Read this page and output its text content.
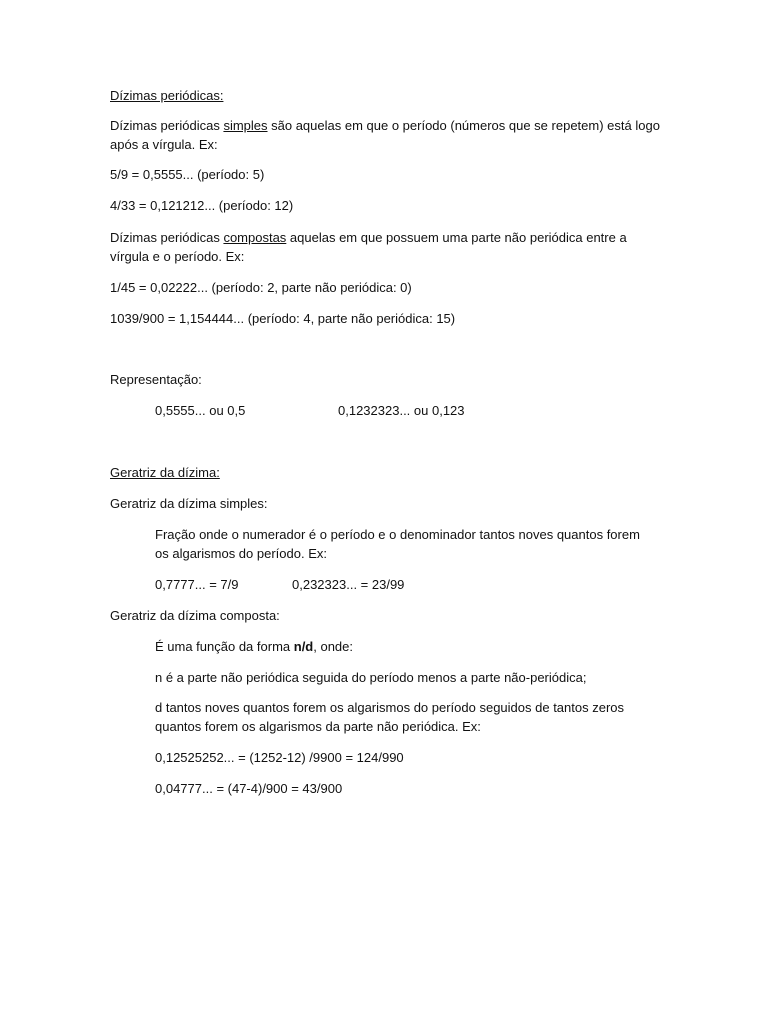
Dízimas periódicas:
Dízimas periódicas simples são aquelas em que o período (números que se repetem) está logo
após a vírgula. Ex:
5/9 = 0,5555... (período: 5)
4/33 = 0,121212... (período: 12)
Dízimas periódicas compostas aquelas em que possuem uma parte não periódica entre a
vírgula e o período. Ex:
1/45 = 0,02222... (período: 2, parte não periódica: 0)
1039/900 = 1,154444... (período: 4, parte não periódica: 15)
Representação:
0,5555... ou 0,5	0,1232323... ou 0,123
Geratriz da dízima:
Geratriz da dízima simples:
Fração onde o numerador é o período e o denominador tantos noves quantos forem
os algarismos do período. Ex:
0,7777... = 7/9	0,232323... = 23/99
Geratriz da dízima composta:
É uma função da forma n/d, onde:
n é a parte não periódica seguida do período menos a parte não-periódica;
d tantos noves quantos forem os algarismos do período seguidos de tantos zeros
quantos forem os algarismos da parte não periódica. Ex:
0,12525252... = (1252-12) /9900 = 124/990
0,04777... = (47-4)/900 = 43/900
